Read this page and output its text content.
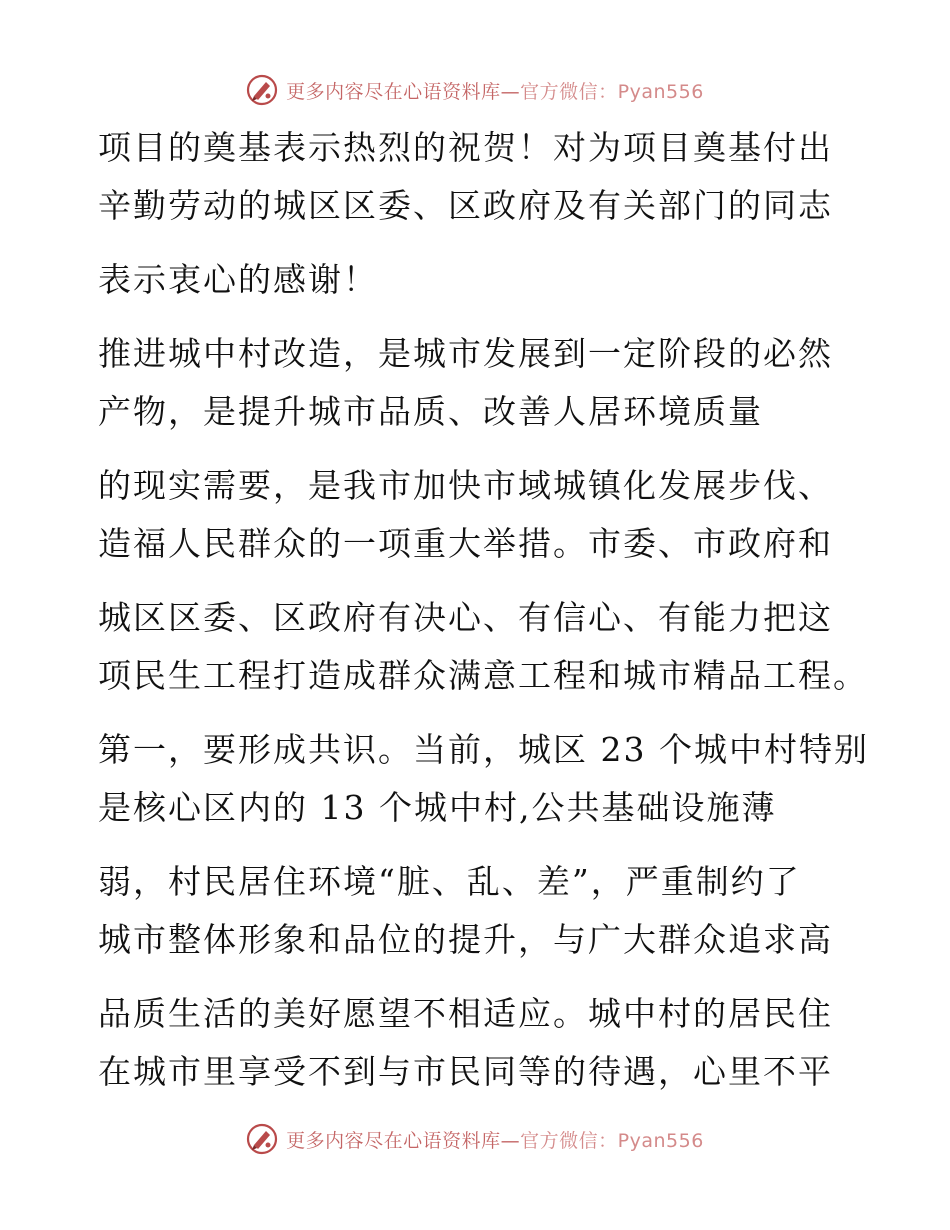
更多内容尽在心语资料库—官方微信：Pyan556
项目的奠基表示热烈的祝贺！对为项目奠基付出
辛勤劳动的城区区委、区政府及有关部门的同志
表示衷心的感谢！
推进城中村改造，是城市发展到一定阶段的必然
产物，是提升城市品质、改善人居环境质量
的现实需要，是我市加快市域城镇化发展步伐、
造福人民群众的一项重大举措。市委、市政府和
城区区委、区政府有决心、有信心、有能力把这
项民生工程打造成群众满意工程和城市精品工程。
第一，要形成共识。当前，城区 23 个城中村特别
是核心区内的 13 个城中村,公共基础设施薄
弱，村民居住环境“脏、乱、差”，严重制约了
城市整体形象和品位的提升，与广大群众追求高
品质生活的美好愿望不相适应。城中村的居民住
在城市里享受不到与市民同等的待遇，心里不平
更多内容尽在心语资料库—官方微信：Pyan556
